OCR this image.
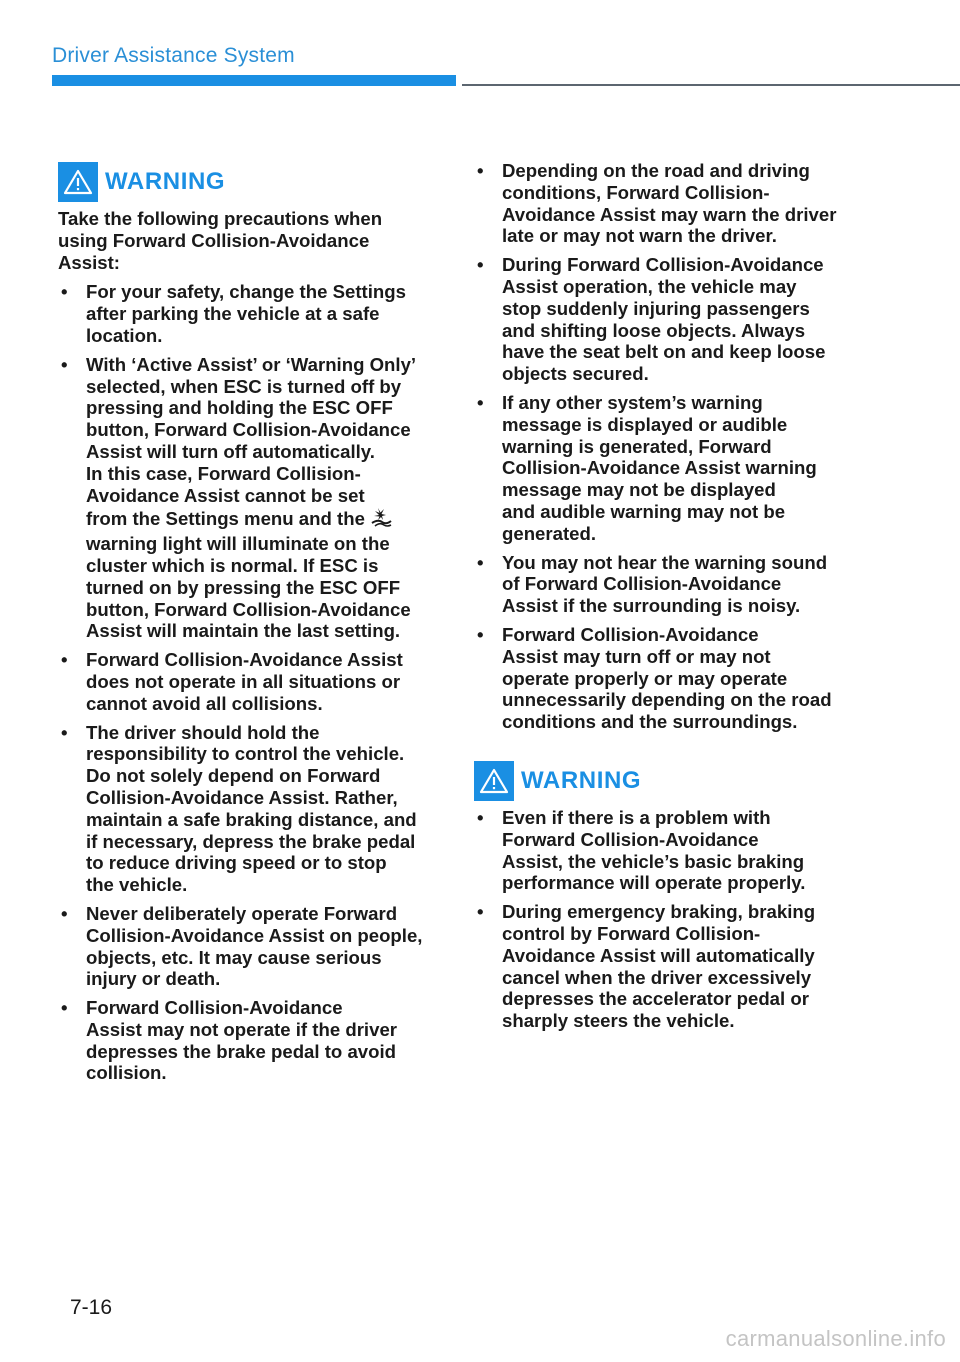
Driver Assistance System
WARNING
Take the following precautions when
using Forward Collision-Avoidance
Assist:
• For your safety, change the Settings
after parking the vehicle at a safe
location.
• With ‘Active Assist’ or ‘Warning Only’
selected, when ESC is turned off by
pressing and holding the ESC OFF
button, Forward Collision-Avoidance
Assist will turn off automatically.
In this case, Forward Collision-
Avoidance Assist cannot be set
from the Settings menu and the
warning light will illuminate on the
cluster which is normal. If ESC is
turned on by pressing the ESC OFF
button, Forward Collision-Avoidance
Assist will maintain the last setting.
• Forward Collision-Avoidance Assist
does not operate in all situations or
cannot avoid all collisions.
• The driver should hold the
responsibility to control the vehicle.
Do not solely depend on Forward
Collision-Avoidance Assist. Rather,
maintain a safe braking distance, and
if necessary, depress the brake pedal
to reduce driving speed or to stop
the vehicle.
• Never deliberately operate Forward
Collision-Avoidance Assist on people,
objects, etc. It may cause serious
injury or death.
• Forward Collision-Avoidance
Assist may not operate if the driver
depresses the brake pedal to avoid
collision.
• Depending on the road and driving
conditions, Forward Collision-
Avoidance Assist may warn the driver
late or may not warn the driver.
• During Forward Collision-Avoidance
Assist operation, the vehicle may
stop suddenly injuring passengers
and shifting loose objects. Always
have the seat belt on and keep loose
objects secured.
• If any other system’s warning
message is displayed or audible
warning is generated, Forward
Collision-Avoidance Assist warning
message may not be displayed
and audible warning may not be
generated.
• You may not hear the warning sound
of Forward Collision-Avoidance
Assist if the surrounding is noisy.
• Forward Collision-Avoidance
Assist may turn off or may not
operate properly or may operate
unnecessarily depending on the road
conditions and the surroundings.
WARNING
• Even if there is a problem with
Forward Collision-Avoidance
Assist, the vehicle’s basic braking
performance will operate properly.
• During emergency braking, braking
control by Forward Collision-
Avoidance Assist will automatically
cancel when the driver excessively
depresses the accelerator pedal or
sharply steers the vehicle.
7-16
carmanualsonline.info
